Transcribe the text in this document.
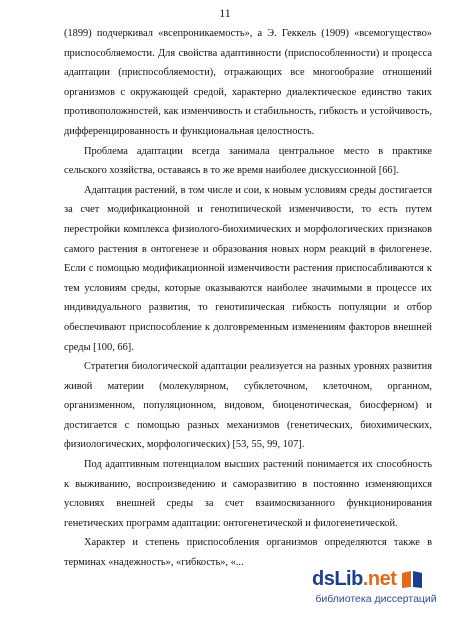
11

(1899) подчеркивал «всепроникаемость», а Э. Геккель (1909) «всемогущество» приспособляемости. Для свойства адаптивности (приспособленности) и процесса адаптации (приспособляемости), отражающих все многообразие отношений организмов с окружающей средой, характерно диалектическое единство таких противоположностей, как изменчивость и стабильность, гибкость и устойчивость, дифференцированность и функциональная целостность.

Проблема адаптации всегда занимала центральное место в практике сельского хозяйства, оставаясь в то же время наиболее дискуссионной [66].

Адаптация растений, в том числе и сои, к новым условиям среды достигается за счет модификационной и генотипической изменчивости, то есть путем перестройки комплекса физиолого-биохимических и морфологических признаков самого растения в онтогенезе и образования новых норм реакций в филогенезе. Если с помощью модификационной изменчивости растения приспосабливаются к тем условиям среды, которые оказываются наиболее значимыми в процессе их индивидуального развития, то генотипическая гибкость популяции и отбор обеспечивают приспособление к долговременным изменениям факторов внешней среды [100, 66].

Стратегия биологической адаптации реализуется на разных уровнях развития живой материи (молекулярном, субклеточном, клеточном, органном, организменном, популяционном, видовом, биоценотическая, биосферном) и достигается с помощью разных механизмов (генетических, биохимических, физиологических, морфологических) [53, 55, 99, 107].

Под адаптивным потенциалом высших растений понимается их способность к выживанию, воспроизведению и саморазвитию в постоянно изменяющихся условиях внешней среды за счет взаимосвязанного функционирования генетических программ адаптации: онтогенетической и филогенетической.

Характер и степень приспособления организмов определяются также в терминах «надежность», «гибкость», «...

dsLib.net
библиотека диссертаций
